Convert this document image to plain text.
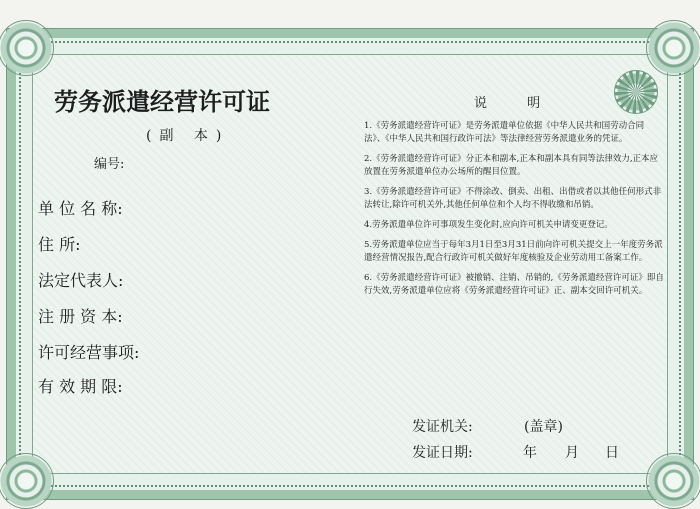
劳务派遣经营许可证
(副 本)
编号:
单 位 名 称:
住 所:
法定代表人:
注 册 资 本:
许可经营事项:
有 效 期 限:
说 明
1.《劳务派遣经营许可证》是劳务派遣单位依据《中华人民共和国劳动合同法》、《中华人民共和国行政许可法》等法律经营劳务派遣业务的凭证。
2.《劳务派遣经营许可证》分正本和副本,正本和副本具有同等法律效力,正本应放置在劳务派遣单位办公场所的醒目位置。
3.《劳务派遣经营许可证》不得涂改、倒卖、出租、出借或者以其他任何形式非法转让,除许可机关外,其他任何单位和个人均不得收缴和吊销。
4.劳务派遣单位许可事项发生变化时,应向许可机关申请变更登记。
5.劳务派遣单位应当于每年3月1日至3月31日前向许可机关提交上一年度劳务派遣经营情况报告,配合行政许可机关做好年度核验及企业劳动用工备案工作。
6.《劳务派遣经营许可证》被撤销、注销、吊销的,《劳务派遣经营许可证》即自行失效,劳务派遣单位应将《劳务派遣经营许可证》正、副本交回许可机关。
发证机关:	(盖章)
发证日期:	年 月 日
